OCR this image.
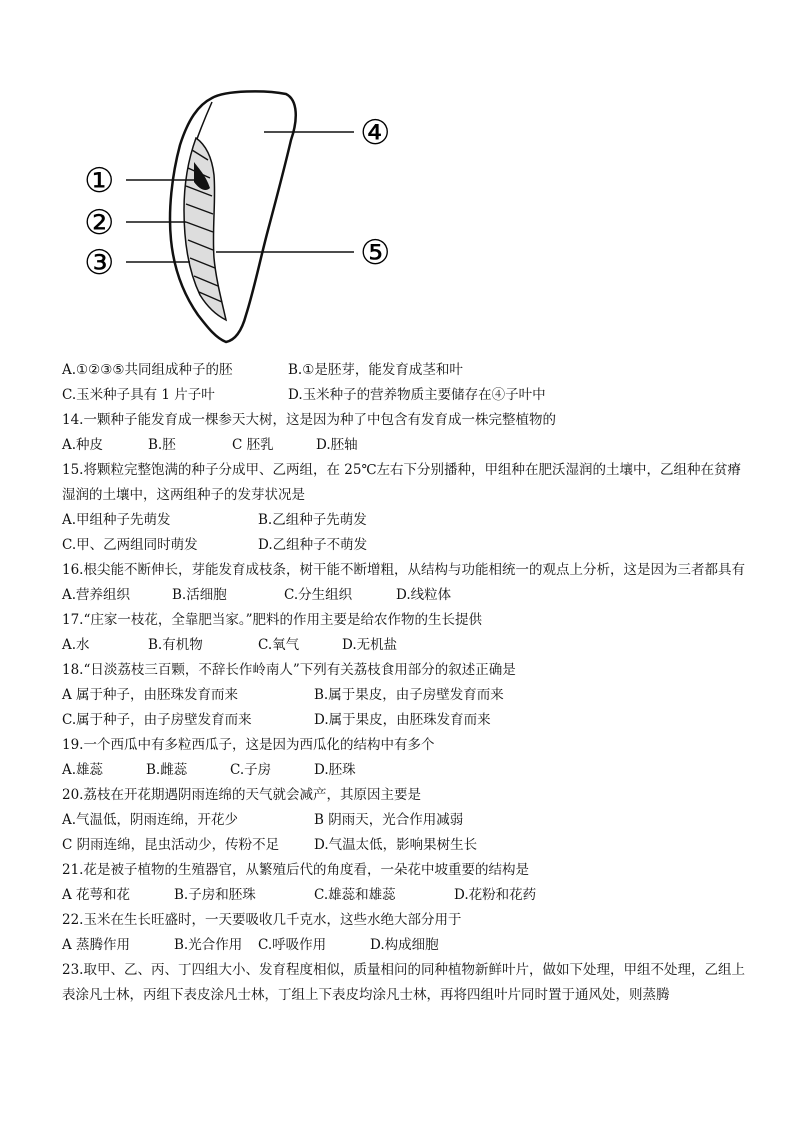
①
②
③
④
⑤
A.①②③⑤共同组成种子的胚	B.①是胚芽，能发育成茎和叶
C.玉米种子具有 1 片子叶	D.玉米种子的营养物质主要储存在④子叶中
14.一颗种子能发育成一棵参天大树，这是因为种了中包含有发育成一株完整植物的
A.种皮	B.胚	C 胚乳	D.胚轴
15.将颗粒完整饱满的种子分成甲、乙两组，在 25℃左右下分别播种，甲组种在肥沃湿润的土壤中，乙组种在贫瘠湿润的土壤中，这两组种子的发芽状况是
A.甲组种子先萌发	B.乙组种子先萌发
C.甲、乙两组同时萌发	D.乙组种子不萌发
16.根尖能不断伸长，芽能发育成枝条，树干能不断增粗，从结构与功能相统一的观点上分析，这是因为三者都具有
A.营养组织	B.活细胞	C.分生组织	D.线粒体
17.“庄家一枝花，全靠肥当家。”肥料的作用主要是给农作物的生长提供
A.水	B.有机物	C.氧气	D.无机盐
18.“日淡荔枝三百颗，不辞长作岭南人”下列有关荔枝食用部分的叙述正确是
A 属于种子，由胚珠发育而来	B.属于果皮，由子房壁发育而来
C.属于种子，由子房壁发育而来	D.属于果皮，由胚珠发育而来
19.一个西瓜中有多粒西瓜子，这是因为西瓜化的结构中有多个
A.雄蕊	B.雌蕊	C.子房	D.胚珠
20.荔枝在开花期遇阴雨连绵的天气就会减产，其原因主要是
A.气温低，阴雨连绵，开花少	B 阴雨天，光合作用减弱
C 阴雨连绵，昆虫活动少，传粉不足	D.气温太低，影响果树生长
21.花是被子植物的生殖器官，从繁殖后代的角度看，一朵花中坡重要的结构是
A 花萼和花	B.子房和胚珠	C.雄蕊和雄蕊	D.花粉和花药
22.玉米在生长旺盛时，一天要吸收几千克水，这些水绝大部分用于
A 蒸腾作用	B.光合作用	C.呼吸作用	D.构成细胞
23.取甲、乙、丙、丁四组大小、发育程度相似，质量相问的同种植物新鲜叶片，做如下处理，甲组不处理，乙组上表涂凡士林，丙组下表皮涂凡士林，丁组上下表皮均涂凡士林，再将四组叶片同时置于通风处，则蒸腾
